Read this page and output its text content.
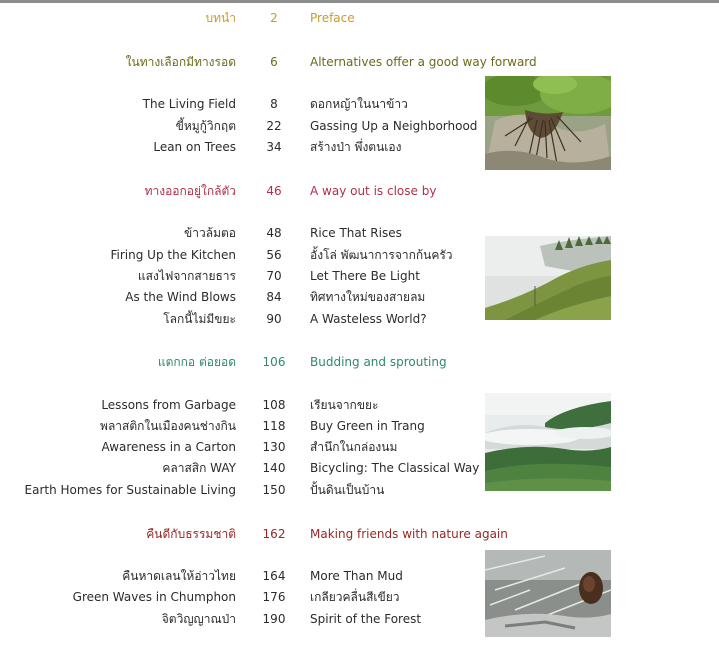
บทนำ	2	Preface
ในทางเลือกมีทางรอด	6	Alternatives offer a good way forward
The Living Field	8	ดอกหญ้าในนาข้าว
ขี้หมูกู้วิกฤต	22	Gassing Up a Neighborhood
Lean on Trees	34	สร้างป่า พึ่งตนเอง
ทางออกอยู่ใกล้ตัว	46	A way out is close by
ข้าวล้มตอ	48	Rice That Rises
Firing Up the Kitchen	56	อั้งโล่ พัฒนาการจากก้นครัว
แสงไฟจากสายธาร	70	Let There Be Light
As the Wind Blows	84	ทิศทางใหม่ของสายลม
โลกนี้ไม่มีขยะ	90	A Wasteless World?
แตกกอ ต่อยอด	106	Budding and sprouting
Lessons from Garbage	108	เรียนจากขยะ
พลาสติกในเมืองคนช่างกิน	118	Buy Green in Trang
Awareness in a Carton	130	สำนึกในกล่องนม
คลาสสิก WAY	140	Bicycling: The Classical Way
Earth Homes for Sustainable Living	150	ปั้นดินเป็นบ้าน
คืนดีกับธรรมชาติ	162	Making friends with nature again
คืนหาดเลนให้อ่าวไทย	164	More Than Mud
Green Waves in Chumphon	176	เกลียวคลื่นสีเขียว
จิตวิญญาณป่า	190	Spirit of the Forest
